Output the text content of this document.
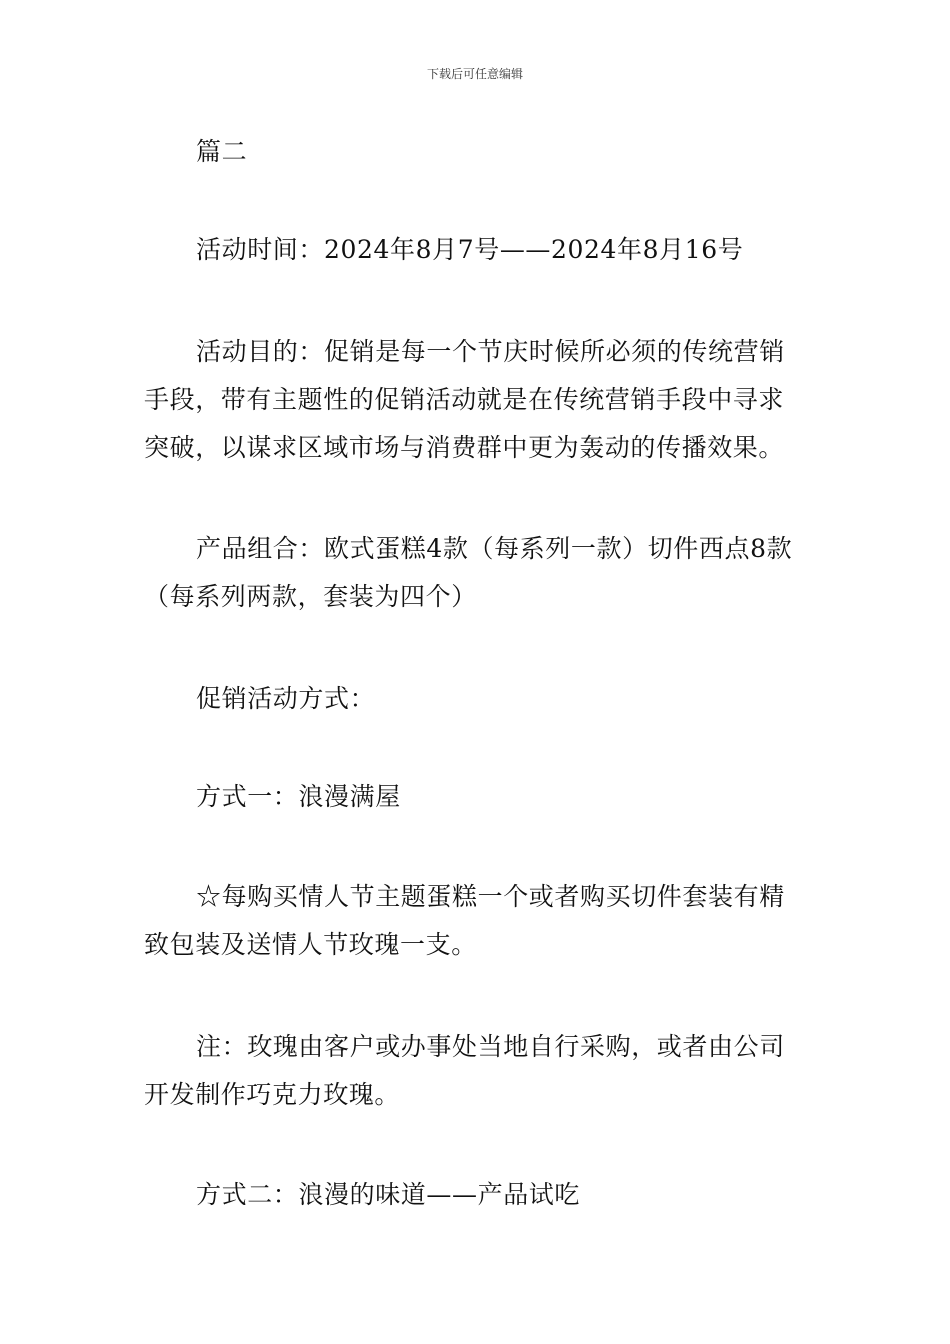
下载后可任意编辑

篇二

活动时间：2024年8月7号——2024年8月16号

活动目的：促销是每一个节庆时候所必须的传统营销手段，带有主题性的促销活动就是在传统营销手段中寻求突破，以谋求区域市场与消费群中更为轰动的传播效果。

产品组合：欧式蛋糕4款（每系列一款）切件西点8款（每系列两款，套装为四个）

促销活动方式：

方式一：浪漫满屋

☆每购买情人节主题蛋糕一个或者购买切件套装有精致包装及送情人节玫瑰一支。

注：玫瑰由客户或办事处当地自行采购，或者由公司开发制作巧克力玫瑰。

方式二：浪漫的味道——产品试吃
